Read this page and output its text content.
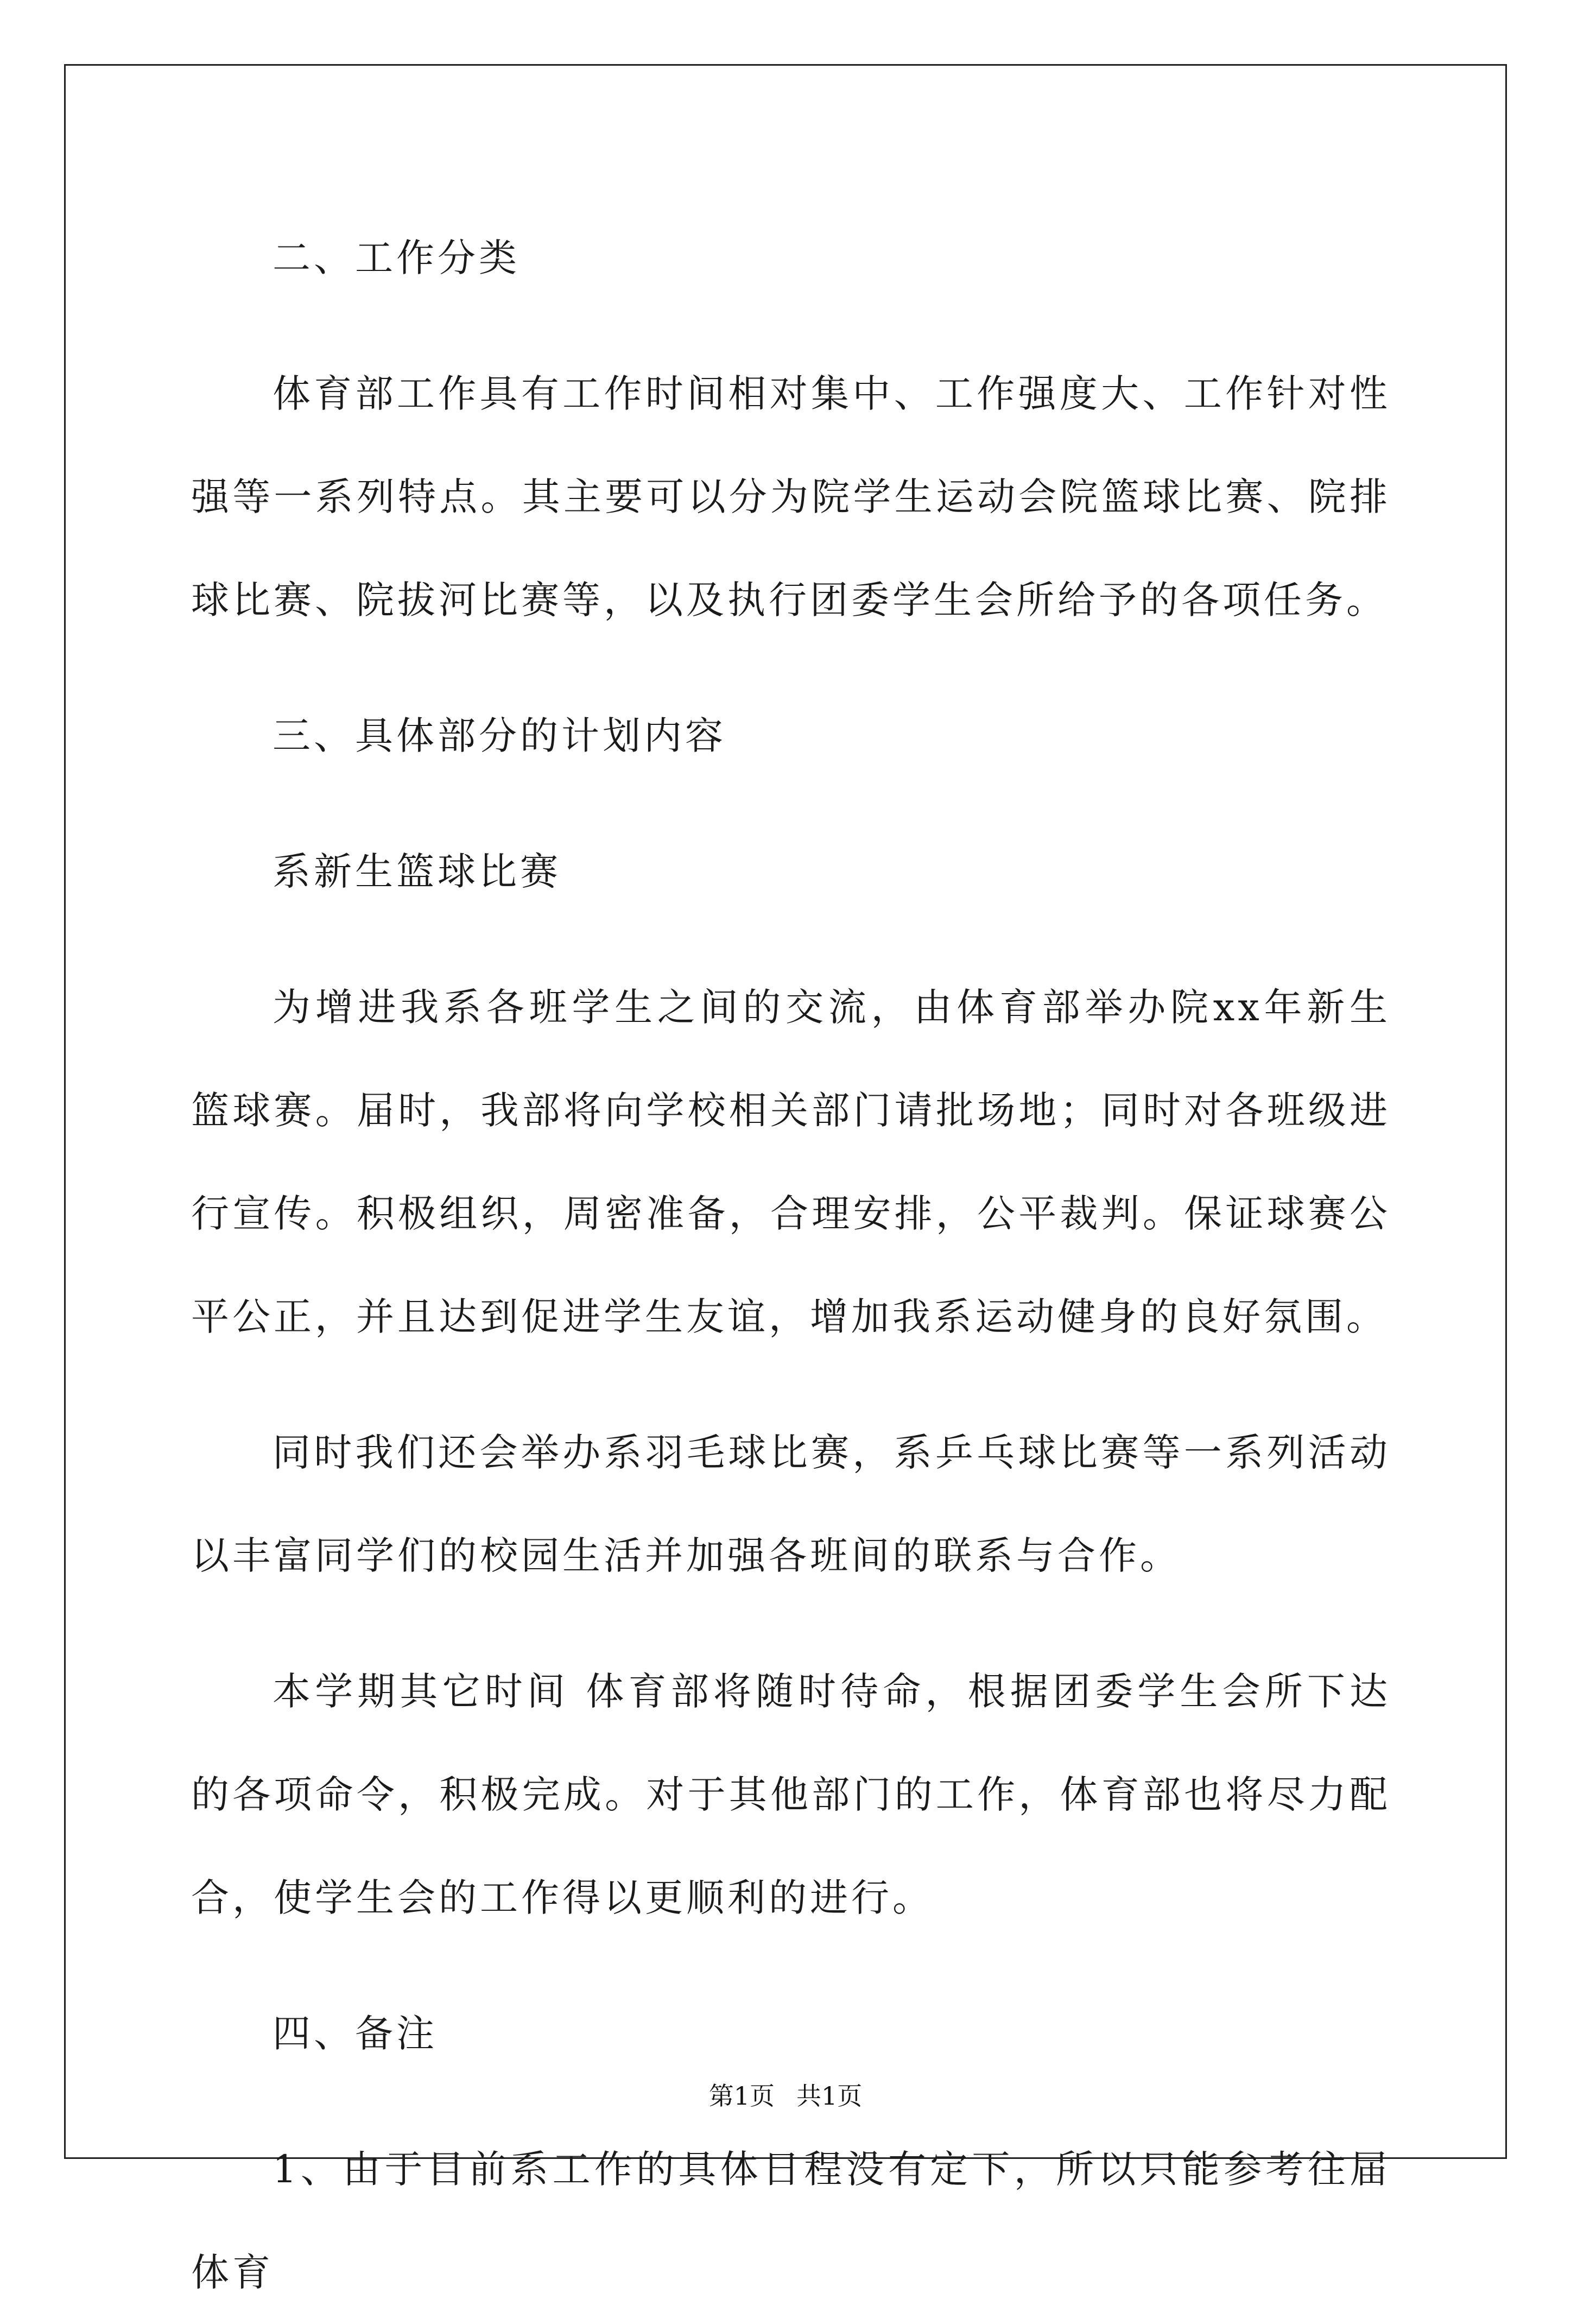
二、工作分类

体育部工作具有工作时间相对集中、工作强度大、工作针对性强等一系列特点。其主要可以分为院学生运动会院篮球比赛、院排球比赛、院拔河比赛等，以及执行团委学生会所给予的各项任务。

三、具体部分的计划内容

系新生篮球比赛

为增进我系各班学生之间的交流，由体育部举办院xx年新生篮球赛。届时，我部将向学校相关部门请批场地；同时对各班级进行宣传。积极组织，周密准备，合理安排，公平裁判。保证球赛公平公正，并且达到促进学生友谊，增加我系运动健身的良好氛围。

同时我们还会举办系羽毛球比赛，系乒乓球比赛等一系列活动以丰富同学们的校园生活并加强各班间的联系与合作。

本学期其它时间 体育部将随时待命，根据团委学生会所下达的各项命令，积极完成。对于其他部门的工作，体育部也将尽力配合，使学生会的工作得以更顺利的进行。

四、备注

1、由于目前系工作的具体日程没有定下，所以只能参考往届体育

第1页 共1页
